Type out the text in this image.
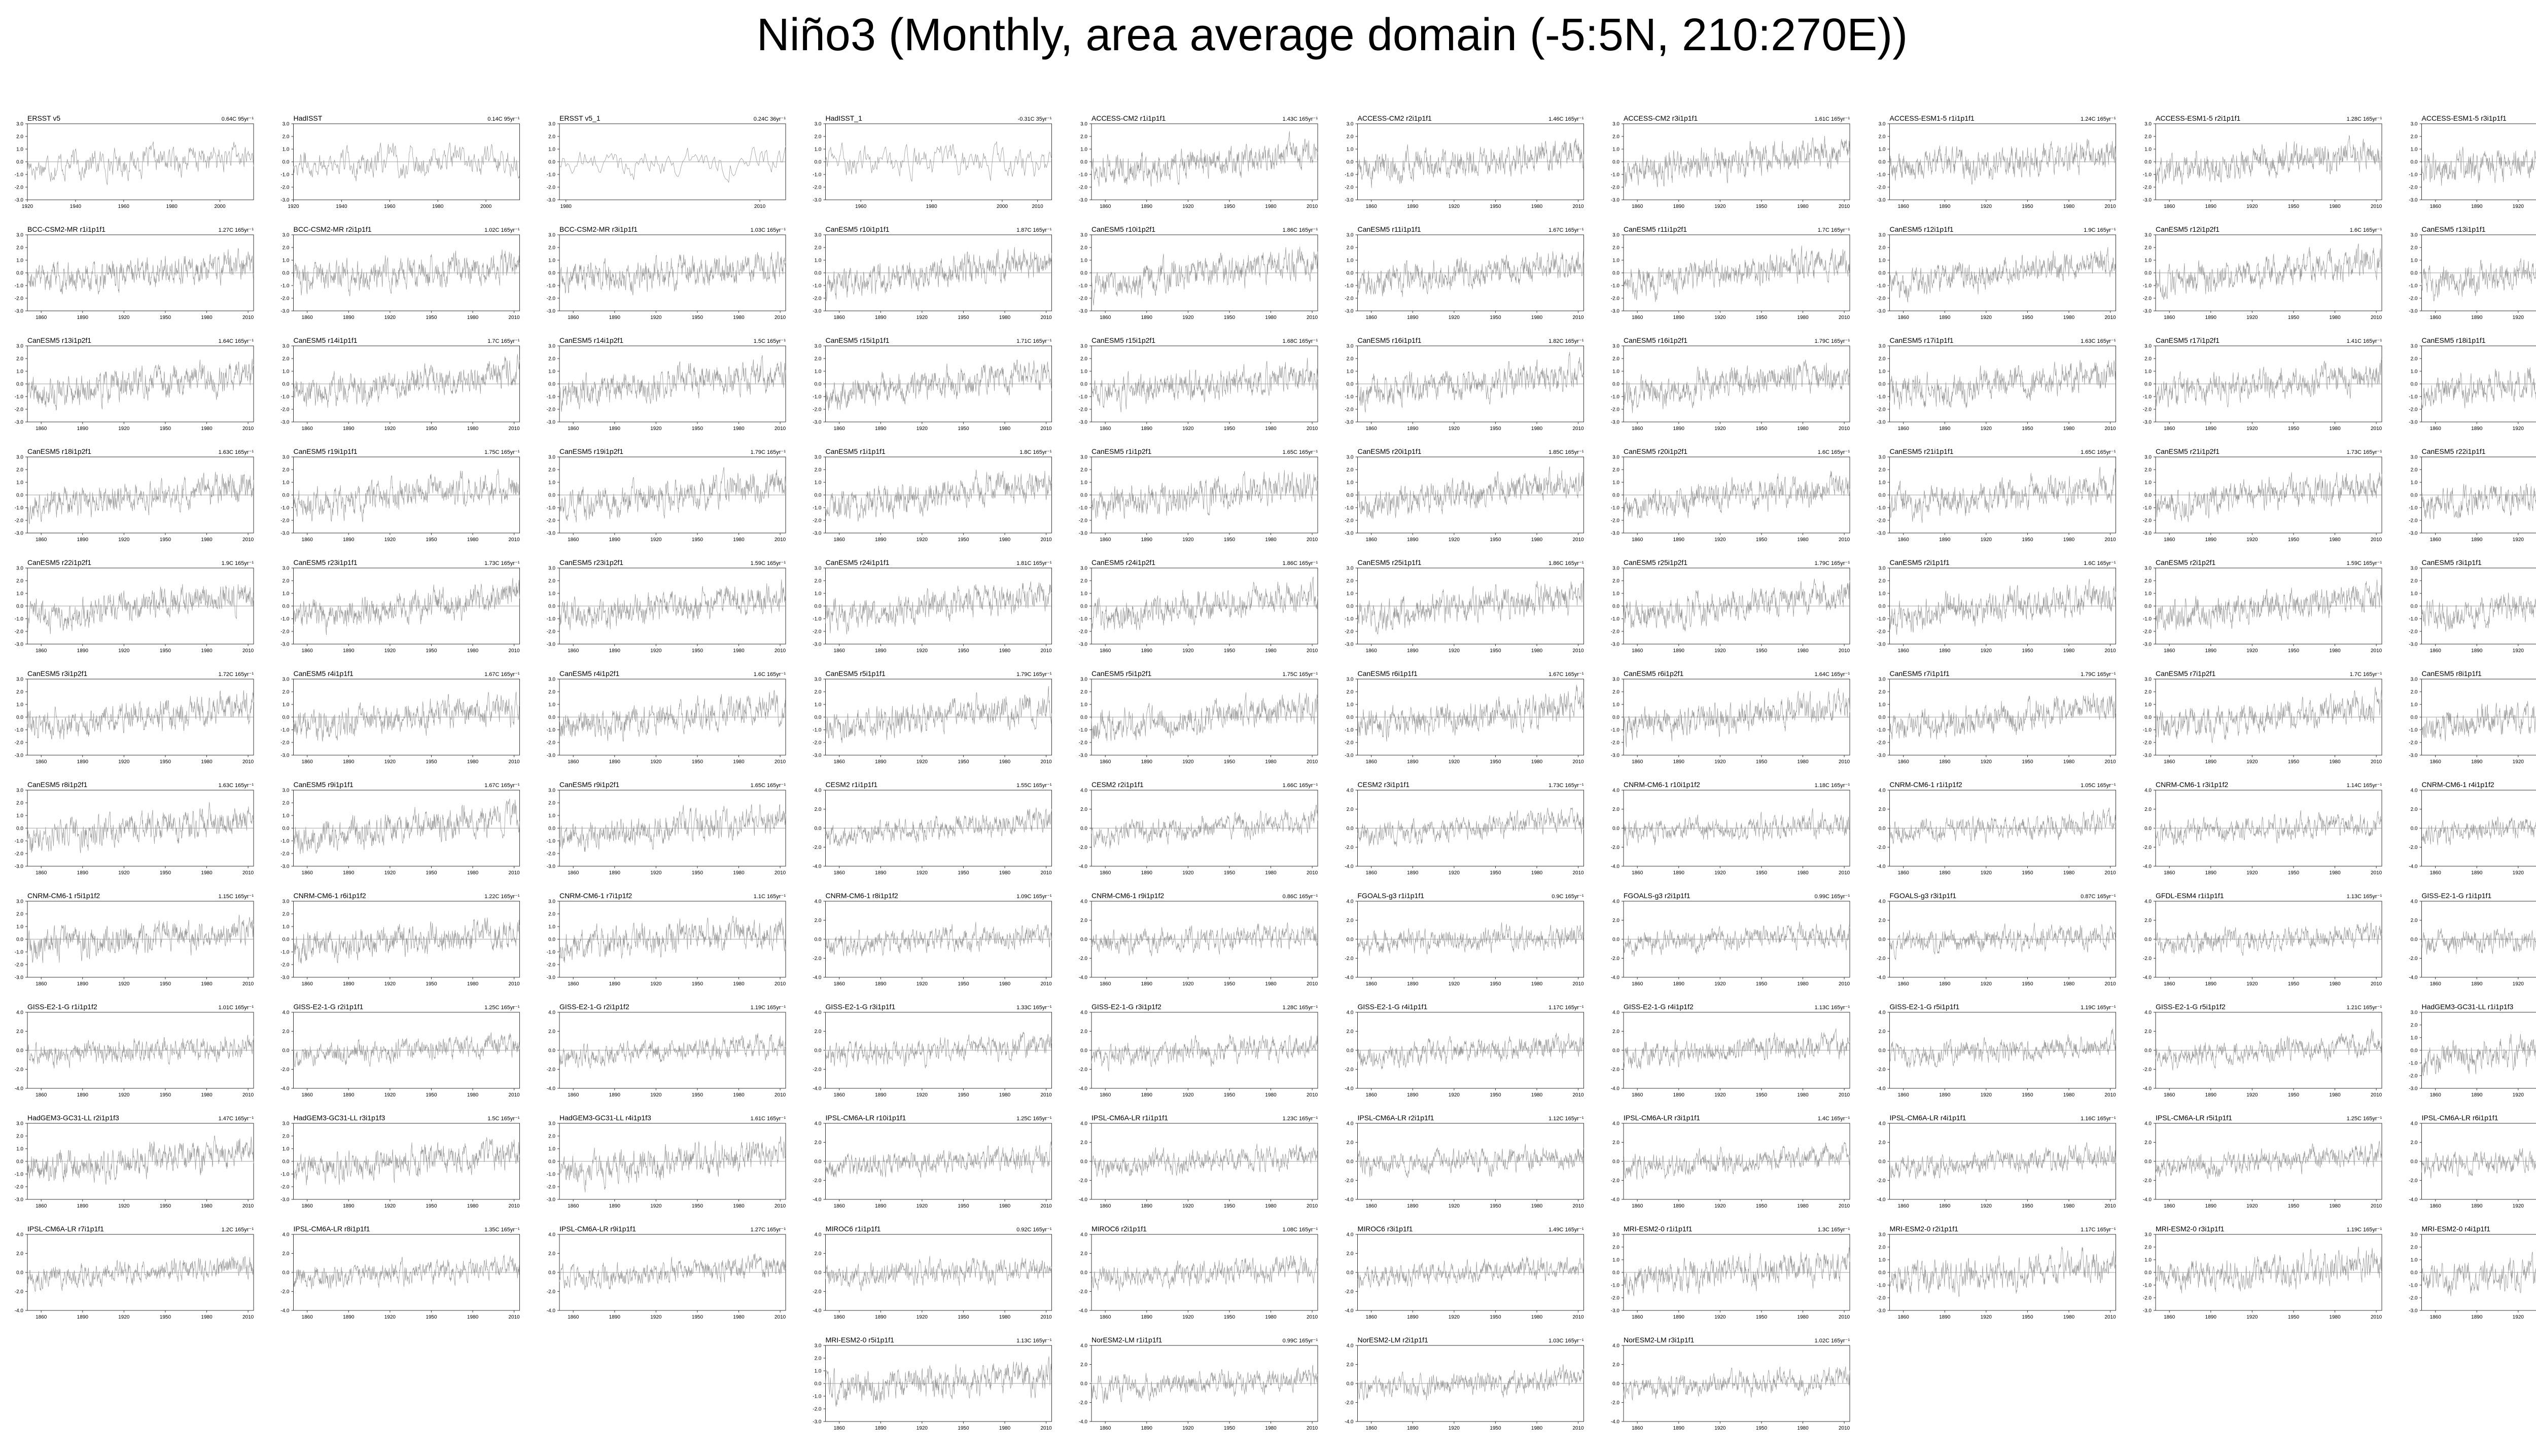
Niño3 (Monthly, area average domain (-5:5N, 210:270E))
ERSST v5	0.64C 95yr⁻¹
-3.0
-2.0
-1.0
0.0
1.0
2.0
3.0
1920	1940	1960	1980	2000
HadISST	0.14C 95yr⁻¹
-3.0
-2.0
-1.0
0.0
1.0
2.0
3.0
1920	1940	1960	1980	2000
ERSST v5_1	0.24C 36yr⁻¹
-3.0
-2.0
-1.0
0.0
1.0
2.0
3.0
1980	2010
HadISST_1	-0.31C 35yr⁻¹
-3.0
-2.0
-1.0
0.0
1.0
2.0
3.0
1960	1980	2000	2010
ACCESS-CM2 r1i1p1f1	1.43C 165yr⁻¹
-3.0
-2.0
-1.0
0.0
1.0
2.0
3.0
1860	1890	1920	1950	1980	2010
ACCESS-CM2 r2i1p1f1	1.46C 165yr⁻¹
-3.0
-2.0
-1.0
0.0
1.0
2.0
3.0
1860	1890	1920	1950	1980	2010
ACCESS-CM2 r3i1p1f1	1.61C 165yr⁻¹
-3.0
-2.0
-1.0
0.0
1.0
2.0
3.0
1860	1890	1920	1950	1980	2010
ACCESS-ESM1-5 r1i1p1f1	1.24C 165yr⁻¹
-3.0
-2.0
-1.0
0.0
1.0
2.0
3.0
1860	1890	1920	1950	1980	2010
ACCESS-ESM1-5 r2i1p1f1	1.28C 165yr⁻¹
-3.0
-2.0
-1.0
0.0
1.0
2.0
3.0
1860	1890	1920	1950	1980	2010
ACCESS-ESM1-5 r3i1p1f1
-3.0
-2.0
-1.0
0.0
1.0
2.0
3.0
1860	1890	1920
BCC-CSM2-MR r1i1p1f1	1.27C 165yr⁻¹
-3.0
-2.0
-1.0
0.0
1.0
2.0
3.0
1860	1890	1920	1950	1980	2010
BCC-CSM2-MR r2i1p1f1	1.02C 165yr⁻¹
-3.0
-2.0
-1.0
0.0
1.0
2.0
3.0
1860	1890	1920	1950	1980	2010
BCC-CSM2-MR r3i1p1f1	1.03C 165yr⁻¹
-3.0
-2.0
-1.0
0.0
1.0
2.0
3.0
1860	1890	1920	1950	1980	2010
CanESM5 r10i1p1f1	1.87C 165yr⁻¹
-3.0
-2.0
-1.0
0.0
1.0
2.0
3.0
1860	1890	1920	1950	1980	2010
CanESM5 r10i1p2f1	1.86C 165yr⁻¹
-3.0
-2.0
-1.0
0.0
1.0
2.0
3.0
1860	1890	1920	1950	1980	2010
CanESM5 r11i1p1f1	1.67C 165yr⁻¹
-3.0
-2.0
-1.0
0.0
1.0
2.0
3.0
1860	1890	1920	1950	1980	2010
CanESM5 r11i1p2f1	1.7C 165yr⁻¹
-3.0
-2.0
-1.0
0.0
1.0
2.0
3.0
1860	1890	1920	1950	1980	2010
CanESM5 r12i1p1f1	1.9C 165yr⁻¹
-3.0
-2.0
-1.0
0.0
1.0
2.0
3.0
1860	1890	1920	1950	1980	2010
CanESM5 r12i1p2f1	1.6C 165yr⁻¹
-3.0
-2.0
-1.0
0.0
1.0
2.0
3.0
1860	1890	1920	1950	1980	2010
CanESM5 r13i1p1f1
-3.0
-2.0
-1.0
0.0
1.0
2.0
3.0
1860	1890	1920
CanESM5 r13i1p2f1	1.64C 165yr⁻¹
-3.0
-2.0
-1.0
0.0
1.0
2.0
3.0
1860	1890	1920	1950	1980	2010
CanESM5 r14i1p1f1	1.7C 165yr⁻¹
-3.0
-2.0
-1.0
0.0
1.0
2.0
3.0
1860	1890	1920	1950	1980	2010
CanESM5 r14i1p2f1	1.5C 165yr⁻¹
-3.0
-2.0
-1.0
0.0
1.0
2.0
3.0
1860	1890	1920	1950	1980	2010
CanESM5 r15i1p1f1	1.71C 165yr⁻¹
-3.0
-2.0
-1.0
0.0
1.0
2.0
3.0
1860	1890	1920	1950	1980	2010
CanESM5 r15i1p2f1	1.68C 165yr⁻¹
-3.0
-2.0
-1.0
0.0
1.0
2.0
3.0
1860	1890	1920	1950	1980	2010
CanESM5 r16i1p1f1	1.82C 165yr⁻¹
-3.0
-2.0
-1.0
0.0
1.0
2.0
3.0
1860	1890	1920	1950	1980	2010
CanESM5 r16i1p2f1	1.79C 165yr⁻¹
-3.0
-2.0
-1.0
0.0
1.0
2.0
3.0
1860	1890	1920	1950	1980	2010
CanESM5 r17i1p1f1	1.63C 165yr⁻¹
-3.0
-2.0
-1.0
0.0
1.0
2.0
3.0
1860	1890	1920	1950	1980	2010
CanESM5 r17i1p2f1	1.41C 165yr⁻¹
-3.0
-2.0
-1.0
0.0
1.0
2.0
3.0
1860	1890	1920	1950	1980	2010
CanESM5 r18i1p1f1
-3.0
-2.0
-1.0
0.0
1.0
2.0
3.0
1860	1890	1920
CanESM5 r18i1p2f1	1.63C 165yr⁻¹
-3.0
-2.0
-1.0
0.0
1.0
2.0
3.0
1860	1890	1920	1950	1980	2010
CanESM5 r19i1p1f1	1.75C 165yr⁻¹
-3.0
-2.0
-1.0
0.0
1.0
2.0
3.0
1860	1890	1920	1950	1980	2010
CanESM5 r19i1p2f1	1.79C 165yr⁻¹
-3.0
-2.0
-1.0
0.0
1.0
2.0
3.0
1860	1890	1920	1950	1980	2010
CanESM5 r1i1p1f1	1.8C 165yr⁻¹
-3.0
-2.0
-1.0
0.0
1.0
2.0
3.0
1860	1890	1920	1950	1980	2010
CanESM5 r1i1p2f1	1.65C 165yr⁻¹
-3.0
-2.0
-1.0
0.0
1.0
2.0
3.0
1860	1890	1920	1950	1980	2010
CanESM5 r20i1p1f1	1.85C 165yr⁻¹
-3.0
-2.0
-1.0
0.0
1.0
2.0
3.0
1860	1890	1920	1950	1980	2010
CanESM5 r20i1p2f1	1.6C 165yr⁻¹
-3.0
-2.0
-1.0
0.0
1.0
2.0
3.0
1860	1890	1920	1950	1980	2010
CanESM5 r21i1p1f1	1.65C 165yr⁻¹
-3.0
-2.0
-1.0
0.0
1.0
2.0
3.0
1860	1890	1920	1950	1980	2010
CanESM5 r21i1p2f1	1.73C 165yr⁻¹
-3.0
-2.0
-1.0
0.0
1.0
2.0
3.0
1860	1890	1920	1950	1980	2010
CanESM5 r22i1p1f1
-3.0
-2.0
-1.0
0.0
1.0
2.0
3.0
1860	1890	1920
CanESM5 r22i1p2f1	1.9C 165yr⁻¹
-3.0
-2.0
-1.0
0.0
1.0
2.0
3.0
1860	1890	1920	1950	1980	2010
CanESM5 r23i1p1f1	1.73C 165yr⁻¹
-3.0
-2.0
-1.0
0.0
1.0
2.0
3.0
1860	1890	1920	1950	1980	2010
CanESM5 r23i1p2f1	1.59C 165yr⁻¹
-3.0
-2.0
-1.0
0.0
1.0
2.0
3.0
1860	1890	1920	1950	1980	2010
CanESM5 r24i1p1f1	1.81C 165yr⁻¹
-3.0
-2.0
-1.0
0.0
1.0
2.0
3.0
1860	1890	1920	1950	1980	2010
CanESM5 r24i1p2f1	1.86C 165yr⁻¹
-3.0
-2.0
-1.0
0.0
1.0
2.0
3.0
1860	1890	1920	1950	1980	2010
CanESM5 r25i1p1f1	1.86C 165yr⁻¹
-3.0
-2.0
-1.0
0.0
1.0
2.0
3.0
1860	1890	1920	1950	1980	2010
CanESM5 r25i1p2f1	1.79C 165yr⁻¹
-3.0
-2.0
-1.0
0.0
1.0
2.0
3.0
1860	1890	1920	1950	1980	2010
CanESM5 r2i1p1f1	1.6C 165yr⁻¹
-3.0
-2.0
-1.0
0.0
1.0
2.0
3.0
1860	1890	1920	1950	1980	2010
CanESM5 r2i1p2f1	1.59C 165yr⁻¹
-3.0
-2.0
-1.0
0.0
1.0
2.0
3.0
1860	1890	1920	1950	1980	2010
CanESM5 r3i1p1f1
-3.0
-2.0
-1.0
0.0
1.0
2.0
3.0
1860	1890	1920
CanESM5 r3i1p2f1	1.72C 165yr⁻¹
-3.0
-2.0
-1.0
0.0
1.0
2.0
3.0
1860	1890	1920	1950	1980	2010
CanESM5 r4i1p1f1	1.67C 165yr⁻¹
-3.0
-2.0
-1.0
0.0
1.0
2.0
3.0
1860	1890	1920	1950	1980	2010
CanESM5 r4i1p2f1	1.6C 165yr⁻¹
-3.0
-2.0
-1.0
0.0
1.0
2.0
3.0
1860	1890	1920	1950	1980	2010
CanESM5 r5i1p1f1	1.79C 165yr⁻¹
-3.0
-2.0
-1.0
0.0
1.0
2.0
3.0
1860	1890	1920	1950	1980	2010
CanESM5 r5i1p2f1	1.75C 165yr⁻¹
-3.0
-2.0
-1.0
0.0
1.0
2.0
3.0
1860	1890	1920	1950	1980	2010
CanESM5 r6i1p1f1	1.67C 165yr⁻¹
-3.0
-2.0
-1.0
0.0
1.0
2.0
3.0
1860	1890	1920	1950	1980	2010
CanESM5 r6i1p2f1	1.64C 165yr⁻¹
-3.0
-2.0
-1.0
0.0
1.0
2.0
3.0
1860	1890	1920	1950	1980	2010
CanESM5 r7i1p1f1	1.79C 165yr⁻¹
-3.0
-2.0
-1.0
0.0
1.0
2.0
3.0
1860	1890	1920	1950	1980	2010
CanESM5 r7i1p2f1	1.7C 165yr⁻¹
-3.0
-2.0
-1.0
0.0
1.0
2.0
3.0
1860	1890	1920	1950	1980	2010
CanESM5 r8i1p1f1
-3.0
-2.0
-1.0
0.0
1.0
2.0
3.0
1860	1890	1920
CanESM5 r8i1p2f1	1.63C 165yr⁻¹
-3.0
-2.0
-1.0
0.0
1.0
2.0
3.0
1860	1890	1920	1950	1980	2010
CanESM5 r9i1p1f1	1.67C 165yr⁻¹
-3.0
-2.0
-1.0
0.0
1.0
2.0
3.0
1860	1890	1920	1950	1980	2010
CanESM5 r9i1p2f1	1.65C 165yr⁻¹
-3.0
-2.0
-1.0
0.0
1.0
2.0
3.0
1860	1890	1920	1950	1980	2010
CESM2 r1i1p1f1	1.55C 165yr⁻¹
-4.0
-2.0
0.0
2.0
4.0
1860	1890	1920	1950	1980	2010
CESM2 r2i1p1f1	1.66C 165yr⁻¹
-4.0
-2.0
0.0
2.0
4.0
1860	1890	1920	1950	1980	2010
CESM2 r3i1p1f1	1.73C 165yr⁻¹
-4.0
-2.0
0.0
2.0
4.0
1860	1890	1920	1950	1980	2010
CNRM-CM6-1 r10i1p1f2	1.18C 165yr⁻¹
-4.0
-2.0
0.0
2.0
4.0
1860	1890	1920	1950	1980	2010
CNRM-CM6-1 r1i1p1f2	1.05C 165yr⁻¹
-4.0
-2.0
0.0
2.0
4.0
1860	1890	1920	1950	1980	2010
CNRM-CM6-1 r3i1p1f2	1.14C 165yr⁻¹
-4.0
-2.0
0.0
2.0
4.0
1860	1890	1920	1950	1980	2010
CNRM-CM6-1 r4i1p1f2
-4.0
-2.0
0.0
2.0
4.0
1860	1890	1920
CNRM-CM6-1 r5i1p1f2	1.15C 165yr⁻¹
-3.0
-2.0
-1.0
0.0
1.0
2.0
3.0
1860	1890	1920	1950	1980	2010
CNRM-CM6-1 r6i1p1f2	1.22C 165yr⁻¹
-3.0
-2.0
-1.0
0.0
1.0
2.0
3.0
1860	1890	1920	1950	1980	2010
CNRM-CM6-1 r7i1p1f2	1.1C 165yr⁻¹
-3.0
-2.0
-1.0
0.0
1.0
2.0
3.0
1860	1890	1920	1950	1980	2010
CNRM-CM6-1 r8i1p1f2	1.09C 165yr⁻¹
-4.0
-2.0
0.0
2.0
4.0
1860	1890	1920	1950	1980	2010
CNRM-CM6-1 r9i1p1f2	0.86C 165yr⁻¹
-4.0
-2.0
0.0
2.0
4.0
1860	1890	1920	1950	1980	2010
FGOALS-g3 r1i1p1f1	0.9C 165yr⁻¹
-4.0
-2.0
0.0
2.0
4.0
1860	1890	1920	1950	1980	2010
FGOALS-g3 r2i1p1f1	0.99C 165yr⁻¹
-4.0
-2.0
0.0
2.0
4.0
1860	1890	1920	1950	1980	2010
FGOALS-g3 r3i1p1f1	0.87C 165yr⁻¹
-4.0
-2.0
0.0
2.0
4.0
1860	1890	1920	1950	1980	2010
GFDL-ESM4 r1i1p1f1	1.13C 165yr⁻¹
-4.0
-2.0
0.0
2.0
4.0
1860	1890	1920	1950	1980	2010
GISS-E2-1-G r1i1p1f1
-4.0
-2.0
0.0
2.0
4.0
1860	1890	1920
GISS-E2-1-G r1i1p1f2	1.01C 165yr⁻¹
-4.0
-2.0
0.0
2.0
4.0
1860	1890	1920	1950	1980	2010
GISS-E2-1-G r2i1p1f1	1.25C 165yr⁻¹
-4.0
-2.0
0.0
2.0
4.0
1860	1890	1920	1950	1980	2010
GISS-E2-1-G r2i1p1f2	1.19C 165yr⁻¹
-4.0
-2.0
0.0
2.0
4.0
1860	1890	1920	1950	1980	2010
GISS-E2-1-G r3i1p1f1	1.33C 165yr⁻¹
-4.0
-2.0
0.0
2.0
4.0
1860	1890	1920	1950	1980	2010
GISS-E2-1-G r3i1p1f2	1.28C 165yr⁻¹
-4.0
-2.0
0.0
2.0
4.0
1860	1890	1920	1950	1980	2010
GISS-E2-1-G r4i1p1f1	1.17C 165yr⁻¹
-4.0
-2.0
0.0
2.0
4.0
1860	1890	1920	1950	1980	2010
GISS-E2-1-G r4i1p1f2	1.13C 165yr⁻¹
-4.0
-2.0
0.0
2.0
4.0
1860	1890	1920	1950	1980	2010
GISS-E2-1-G r5i1p1f1	1.19C 165yr⁻¹
-4.0
-2.0
0.0
2.0
4.0
1860	1890	1920	1950	1980	2010
GISS-E2-1-G r5i1p1f2	1.21C 165yr⁻¹
-4.0
-2.0
0.0
2.0
4.0
1860	1890	1920	1950	1980	2010
HadGEM3-GC31-LL r1i1p1f3
-3.0
-2.0
-1.0
0.0
1.0
2.0
3.0
1860	1890	1920
HadGEM3-GC31-LL r2i1p1f3	1.47C 165yr⁻¹
-3.0
-2.0
-1.0
0.0
1.0
2.0
3.0
1860	1890	1920	1950	1980	2010
HadGEM3-GC31-LL r3i1p1f3	1.5C 165yr⁻¹
-3.0
-2.0
-1.0
0.0
1.0
2.0
3.0
1860	1890	1920	1950	1980	2010
HadGEM3-GC31-LL r4i1p1f3	1.61C 165yr⁻¹
-3.0
-2.0
-1.0
0.0
1.0
2.0
3.0
1860	1890	1920	1950	1980	2010
IPSL-CM6A-LR r10i1p1f1	1.25C 165yr⁻¹
-4.0
-2.0
0.0
2.0
4.0
1860	1890	1920	1950	1980	2010
IPSL-CM6A-LR r1i1p1f1	1.23C 165yr⁻¹
-4.0
-2.0
0.0
2.0
4.0
1860	1890	1920	1950	1980	2010
IPSL-CM6A-LR r2i1p1f1	1.12C 165yr⁻¹
-4.0
-2.0
0.0
2.0
4.0
1860	1890	1920	1950	1980	2010
IPSL-CM6A-LR r3i1p1f1	1.4C 165yr⁻¹
-4.0
-2.0
0.0
2.0
4.0
1860	1890	1920	1950	1980	2010
IPSL-CM6A-LR r4i1p1f1	1.16C 165yr⁻¹
-4.0
-2.0
0.0
2.0
4.0
1860	1890	1920	1950	1980	2010
IPSL-CM6A-LR r5i1p1f1	1.25C 165yr⁻¹
-4.0
-2.0
0.0
2.0
4.0
1860	1890	1920	1950	1980	2010
IPSL-CM6A-LR r6i1p1f1
-4.0
-2.0
0.0
2.0
4.0
1860	1890	1920
IPSL-CM6A-LR r7i1p1f1	1.2C 165yr⁻¹
-4.0
-2.0
0.0
2.0
4.0
1860	1890	1920	1950	1980	2010
IPSL-CM6A-LR r8i1p1f1	1.35C 165yr⁻¹
-4.0
-2.0
0.0
2.0
4.0
1860	1890	1920	1950	1980	2010
IPSL-CM6A-LR r9i1p1f1	1.27C 165yr⁻¹
-4.0
-2.0
0.0
2.0
4.0
1860	1890	1920	1950	1980	2010
MIROC6 r1i1p1f1	0.92C 165yr⁻¹
-4.0
-2.0
0.0
2.0
4.0
1860	1890	1920	1950	1980	2010
MIROC6 r2i1p1f1	1.08C 165yr⁻¹
-4.0
-2.0
0.0
2.0
4.0
1860	1890	1920	1950	1980	2010
MIROC6 r3i1p1f1	1.49C 165yr⁻¹
-4.0
-2.0
0.0
2.0
4.0
1860	1890	1920	1950	1980	2010
MRI-ESM2-0 r1i1p1f1	1.3C 165yr⁻¹
-3.0
-2.0
-1.0
0.0
1.0
2.0
3.0
1860	1890	1920	1950	1980	2010
MRI-ESM2-0 r2i1p1f1	1.17C 165yr⁻¹
-3.0
-2.0
-1.0
0.0
1.0
2.0
3.0
1860	1890	1920	1950	1980	2010
MRI-ESM2-0 r3i1p1f1	1.19C 165yr⁻¹
-3.0
-2.0
-1.0
0.0
1.0
2.0
3.0
1860	1890	1920	1950	1980	2010
MRI-ESM2-0 r4i1p1f1
-3.0
-2.0
-1.0
0.0
1.0
2.0
3.0
1860	1890	1920
MRI-ESM2-0 r5i1p1f1	1.13C 165yr⁻¹
-3.0
-2.0
-1.0
0.0
1.0
2.0
3.0
1860	1890	1920	1950	1980	2010
NorESM2-LM r1i1p1f1	0.99C 165yr⁻¹
-4.0
-2.0
0.0
2.0
4.0
1860	1890	1920	1950	1980	2010
NorESM2-LM r2i1p1f1	1.03C 165yr⁻¹
-4.0
-2.0
0.0
2.0
4.0
1860	1890	1920	1950	1980	2010
NorESM2-LM r3i1p1f1	1.02C 165yr⁻¹
-4.0
-2.0
0.0
2.0
4.0
1860	1890	1920	1950	1980	2010
